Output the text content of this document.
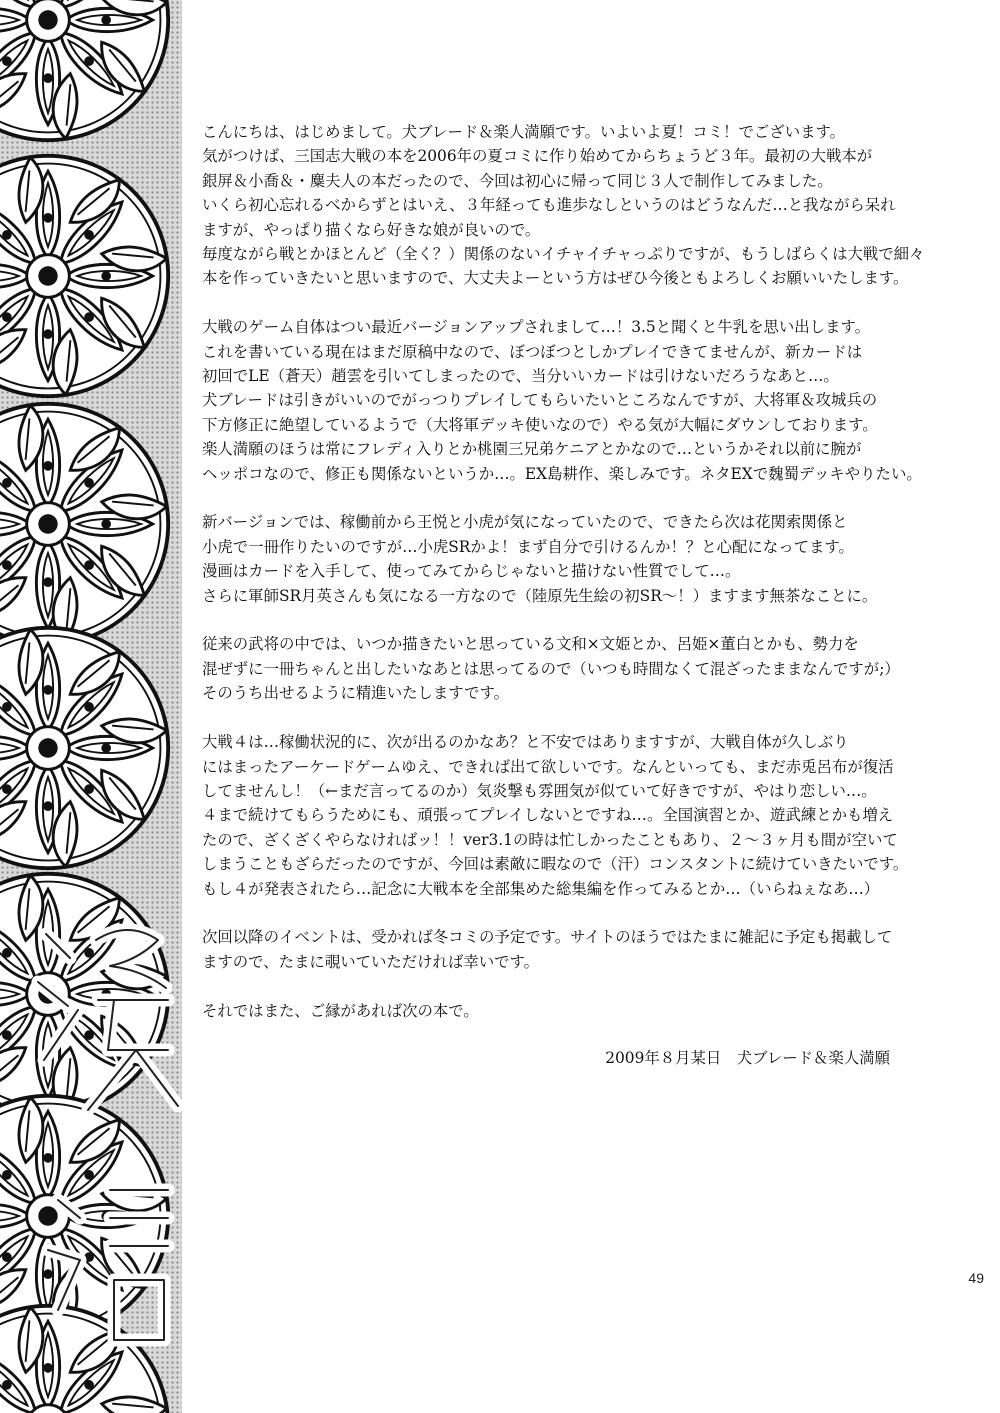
こんにちは、はじめまして。犬ブレード＆楽人満願です。いよいよ夏！コミ！でございます。
気がつけば、三国志大戦の本を2006年の夏コミに作り始めてからちょうど３年。最初の大戦本が
銀屏＆小喬＆・麋夫人の本だったので、今回は初心に帰って同じ３人で制作してみました。
いくら初心忘れるべからずとはいえ、３年経っても進歩なしというのはどうなんだ…と我ながら呆れ
ますが、やっぱり描くなら好きな娘が良いので。
毎度ながら戦とかほとんど（全く？）関係のないイチャイチャっぷりですが、もうしばらくは大戦で細々
本を作っていきたいと思いますので、大丈夫よーという方はぜひ今後ともよろしくお願いいたします。
大戦のゲーム自体はつい最近バージョンアップされまして…！3.5と聞くと牛乳を思い出します。
これを書いている現在はまだ原稿中なので、ぼつぼつとしかプレイできてませんが、新カードは
初回でLE（蒼天）趙雲を引いてしまったので、当分いいカードは引けないだろうなあと…。
犬ブレードは引きがいいのでがっつりプレイしてもらいたいところなんですが、大将軍＆攻城兵の
下方修正に絶望しているようで（大将軍デッキ使いなので）やる気が大幅にダウンしております。
楽人満願のほうは常にフレディ入りとか桃園三兄弟ケニアとかなので…というかそれ以前に腕が
ヘッポコなので、修正も関係ないというか…。EX島耕作、楽しみです。ネタEXで魏蜀デッキやりたい。
新バージョンでは、稼働前から王悦と小虎が気になっていたので、できたら次は花関索関係と
小虎で一冊作りたいのですが…小虎SRかよ！まず自分で引けるんか！？と心配になってます。
漫画はカードを入手して、使ってみてからじゃないと描けない性質でして…。
さらに軍師SR月英さんも気になる一方なので（陸原先生絵の初SR～！）ますます無茶なことに。
従来の武将の中では、いつか描きたいと思っている文和×文姫とか、呂姫×董白とかも、勢力を
混ぜずに一冊ちゃんと出したいなあとは思ってるので（いつも時間なくて混ざったままなんですが;）
そのうち出せるように精進いたしますです。
大戦４は…稼働状況的に、次が出るのかなあ？と不安ではありますすが、大戦自体が久しぶり
にはまったアーケードゲームゆえ、できれば出て欲しいです。なんといっても、まだ赤兎呂布が復活
してませんし！（←まだ言ってるのか）気炎撃も雰囲気が似ていて好きですが、やはり恋しい…。
４まで続けてもらうためにも、頑張ってプレイしないとですね…。全国演習とか、遊武練とかも増え
たので、ざくざくやらなければッ！！ver3.1の時は忙しかったこともあり、２～３ヶ月も間が空いて
しまうこともざらだったのですが、今回は素敵に暇なので（汗）コンスタントに続けていきたいです。
もし４が発表されたら…記念に大戦本を全部集めた総集編を作ってみるとか…（いらねぇなあ…）
次回以降のイベントは、受かれば冬コミの予定です。サイトのほうではたまに雑記に予定も掲載して
ますので、たまに覗いていただければ幸いです。
それではまた、ご縁があれば次の本で。
2009年８月某日　犬ブレード＆楽人満願
49
